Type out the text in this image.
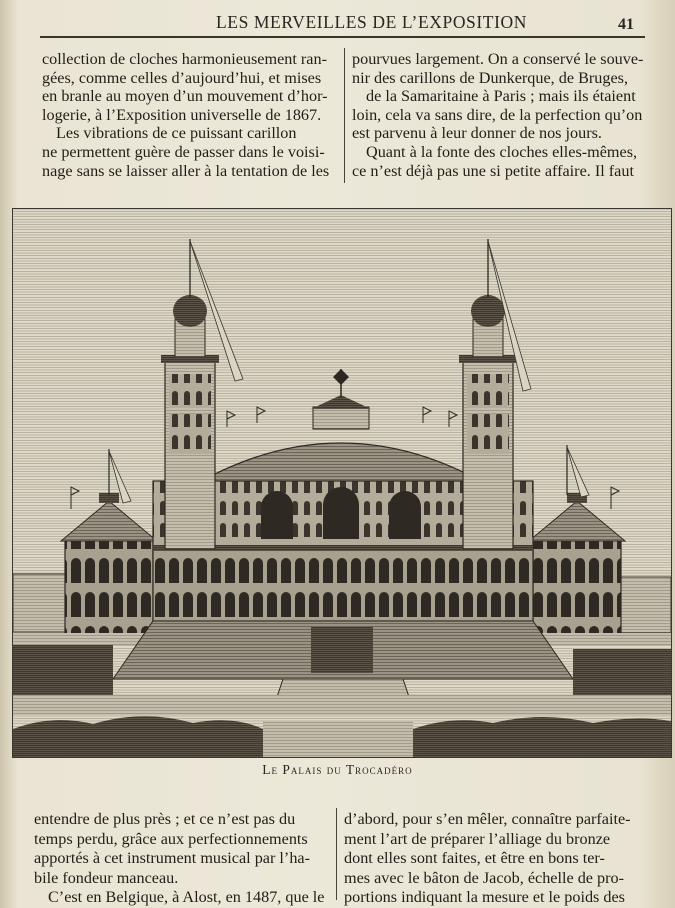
LES MERVEILLES DE L’EXPOSITION	41
collection de cloches harmonieusement ran-
gées, comme celles d’aujourd’hui, et mises
en branle au moyen d’un mouvement d’hor-
logerie, à l’Exposition universelle de 1867.
Les vibrations de ce puissant carillon
ne permettent guère de passer dans le voisi-
nage sans se laisser aller à la tentation de les
pourvues largement. On a conservé le souve-
nir des carillons de Dunkerque, de Bruges,
de la Samaritaine à Paris ; mais ils étaient
loin, cela va sans dire, de la perfection qu’on
est parvenu à leur donner de nos jours.
Quant à la fonte des cloches elles-mêmes,
ce n’est déjà pas une si petite affaire. Il faut
Le Palais du Trocadéro
entendre de plus près ; et ce n’est pas du
temps perdu, grâce aux perfectionnements
apportés à cet instrument musical par l’ha-
bile fondeur manceau.
C’est en Belgique, à Alost, en 1487, que le
d’abord, pour s’en mêler, connaître parfaite-
ment l’art de préparer l’alliage du bronze
dont elles sont faites, et être en bons ter-
mes avec le bâton de Jacob, échelle de pro-
portions indiquant la mesure et le poids des
